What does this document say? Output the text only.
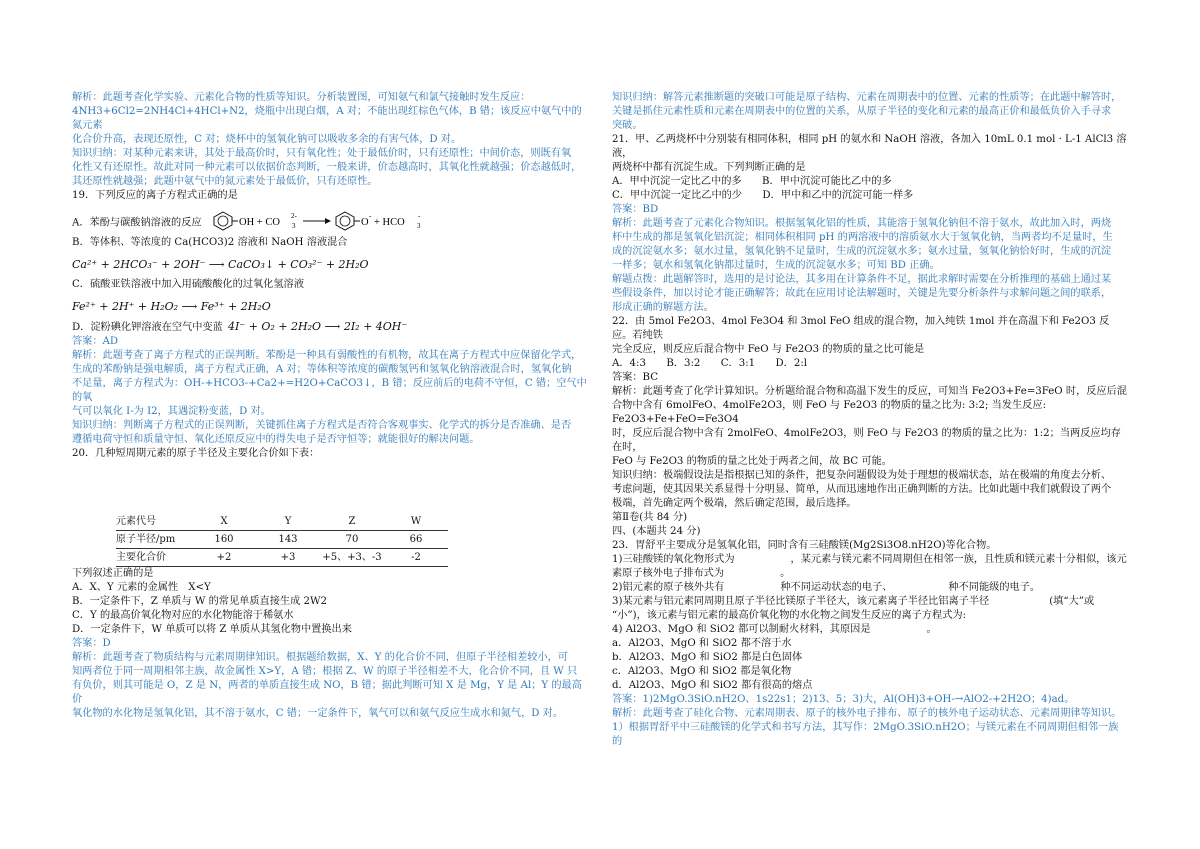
解析：此题考查化学实验、元素化合物的性质等知识。分析装置图，可知氨气和氯气接触时发生反应：

4NH3+6Cl2=2NH4Cl+4HCl+N2，烧瓶中出现白烟，A 对；不能出现红棕色气体，B 错；该反应中氨气中的氮元素

化合价升高，表现还原性，C 对；烧杯中的氢氧化钠可以吸收多余的有害气体，D 对。

知识归纳：对某种元素来讲，其处于最高价时，只有氧化性；处于最低价时，只有还原性；中间价态，则既有氧

化性又有还原性。故此对同一种元素可以依据价态判断，一般来讲，价态越高时，其氧化性就越强；价态越低时，

其还原性就越强；此题中氨气中的氮元素处于最低价，只有还原性。

19．下列反应的离子方程式正确的是

A．苯酚与碳酸钠溶液的反应	OH + CO 3
2-
O
-
+ HCO 3
-

B．等体积、等浓度的 Ca(HCO3)2 溶液和 NaOH 溶液混合

Ca²⁺ + 2HCO₃⁻ + 2OH⁻ ⟶ CaCO₃↓ + CO₃²⁻ + 2H₂O

C．硫酸亚铁溶液中加入用硫酸酸化的过氧化氢溶液

Fe²⁺ + 2H⁺ + H₂O₂ ⟶ Fe³⁺ + 2H₂O

D．淀粉碘化钾溶液在空气中变蓝 4I⁻ + O₂ + 2H₂O ⟶ 2I₂ + 4OH⁻

答案：AD

解析：此题考查了离子方程式的正误判断。苯酚是一种具有弱酸性的有机物，故其在离子方程式中应保留化学式，

生成的苯酚钠是强电解质，离子方程式正确，A 对；等体积等浓度的碳酸氢钙和氢氧化钠溶液混合时，氢氧化钠

不足量，离子方程式为：OH-+HCO3-+Ca2+=H2O+CaCO3↓，B 错；反应前后的电荷不守恒，C 错；空气中的氧

气可以氧化 I-为 I2，其遇淀粉变蓝，D 对。

知识归纳：判断离子方程式的正误判断，关键抓住离子方程式是否符合客观事实、化学式的拆分是否准确、是否

遵循电荷守恒和质量守恒、氧化还原反应中的得失电子是否守恒等；就能很好的解决问题。

20．几种短周期元素的原子半径及主要化合价如下表：

元素代号	X	Y	Z	W
原子半径/pm	160	143	70	66
主要化合价	+2	+3	+5、+3、-3	-2

下列叙述正确的是

A．X、Y 元素的金属性　X<Y

B．一定条件下，Z 单质与 W 的常见单质直接生成 2W2

C．Y 的最高价氧化物对应的水化物能溶于稀氨水

D．一定条件下，W 单质可以将 Z 单质从其氢化物中置换出来

答案：D

解析：此题考查了物质结构与元素周期律知识。根据题给数据，X、Y 的化合价不同，但原子半径相差较小，可

知两者位于同一周期相邻主族，故金属性 X>Y，A 错；根据 Z、W 的原子半径相差不大，化合价不同，且 W 只

有负价，则其可能是 O，Z 是 N，两者的单质直接生成 NO，B 错；据此判断可知 X 是 Mg，Y 是 Al；Y 的最高价

氧化物的水化物是氢氧化铝，其不溶于氨水，C 错；一定条件下，氧气可以和氨气反应生成水和氮气，D 对。

知识归纳：解答元素推断题的突破口可能是原子结构、元素在周期表中的位置、元素的性质等；在此题中解答时，

关键是抓住元素性质和元素在周期表中的位置的关系，从原子半径的变化和元素的最高正价和最低负价入手寻求

突破。

21．甲、乙两烧杯中分别装有相同体积，相同 pH 的氨水和 NaOH 溶液，各加入 10mL 0.1 mol · L-1 AlCl3 溶液，

两烧杯中都有沉淀生成。下列判断正确的是

A．甲中沉淀一定比乙中的多　　B．甲中沉淀可能比乙中的多

C．甲中沉淀一定比乙中的少　　D．甲中和乙中的沉淀可能一样多

答案：BD

解析：此题考查了元素化合物知识。根据氢氧化铝的性质，其能溶于氢氧化钠但不溶于氨水，故此加入时，两烧

杯中生成的都是氢氧化铝沉淀；相同体积相同 pH 的两溶液中的溶质氨水大于氢氧化钠，当两者均不足量时，生

成的沉淀氨水多；氨水过量，氢氧化钠不足量时，生成的沉淀氨水多；氨水过量，氢氧化钠恰好时，生成的沉淀

一样多；氨水和氢氧化钠都过量时，生成的沉淀氨水多；可知 BD 正确。

解题点拨：此题解答时，选用的是讨论法，其多用在计算条件不足，据此求解时需要在分析推理的基础上通过某

些假设条件，加以讨论才能正确解答；故此在应用讨论法解题时，关键是先要分析条件与求解问题之间的联系，

形成正确的解题方法。

22．由 5mol Fe2O3、4mol Fe3O4 和 3mol FeO 组成的混合物，加入纯铁 1mol 并在高温下和 Fe2O3 反应。若纯铁

完全反应，则反应后混合物中 FeO 与 Fe2O3 的物质的量之比可能是

A．4:3　　B．3:2　　C．3:1　　D．2:l

答案：BC

解析：此题考查了化学计算知识。分析题给混合物和高温下发生的反应，可知当 Fe2O3+Fe=3FeO 时，反应后混

合物中含有 6molFeO、4molFe2O3，则 FeO 与 Fe2O3 的物质的量之比为: 3:2; 当发生反应: Fe2O3+Fe+FeO=Fe3O4

时，反应后混合物中含有 2molFeO、4molFe2O3，则 FeO 与 Fe2O3 的物质的量之比为：1:2；当两反应均存在时，

FeO 与 Fe2O3 的物质的量之比处于两者之间，故 BC 可能。

知识归纳：极端假设法是指根据已知的条件，把复杂问题假设为处于理想的极端状态，站在极端的角度去分析、

考虑问题，使其因果关系显得十分明显、简单，从而迅速地作出正确判断的方法。比如此题中我们就假设了两个

极端，首先确定两个极端，然后确定范围，最后选择。

第Ⅱ卷(共 84 分)

四、(本题共 24 分)

23．胃舒平主要成分是氢氧化铝，同时含有三硅酸镁(Mg2Si3O8.nH2O)等化合物。

1)三硅酸镁的氧化物形式为	，某元素与镁元素不同周期但在相邻一族，且性质和镁元素十分相似，该元

素原子核外电子排布式为	。

2)铝元素的原子核外共有	种不同运动状态的电子、	种不同能级的电子。

3)某元素与铝元素同周期且原子半径比镁原子半径大，该元素离子半径比铝离子半径	(填“大”或

“小”)，该元素与铝元素的最高价氧化物的水化物之间发生反应的离子方程式为:

4) Al2O3、MgO 和 SiO2 都可以制耐火材料，其原因是	。

a．Al2O3、MgO 和 SiO2 都不溶于水

b．Al2O3、MgO 和 SiO2 都是白色固体

c．Al2O3、MgO 和 SiO2 都是氧化物

d．Al2O3、MgO 和 SiO2 都有很高的熔点

答案：1)2MgO.3SiO.nH2O、1s22s1；2)13、5；3)大，Al(OH)3+OH-→AlO2-+2H2O；4)ad。

解析：此题考查了硅化合物、元素周期表、原子的核外电子排布、原子的核外电子运动状态、元素周期律等知识。

1）根据胃舒平中三硅酸镁的化学式和书写方法，其写作：2MgO.3SiO.nH2O；与镁元素在不同周期但相邻一族的
